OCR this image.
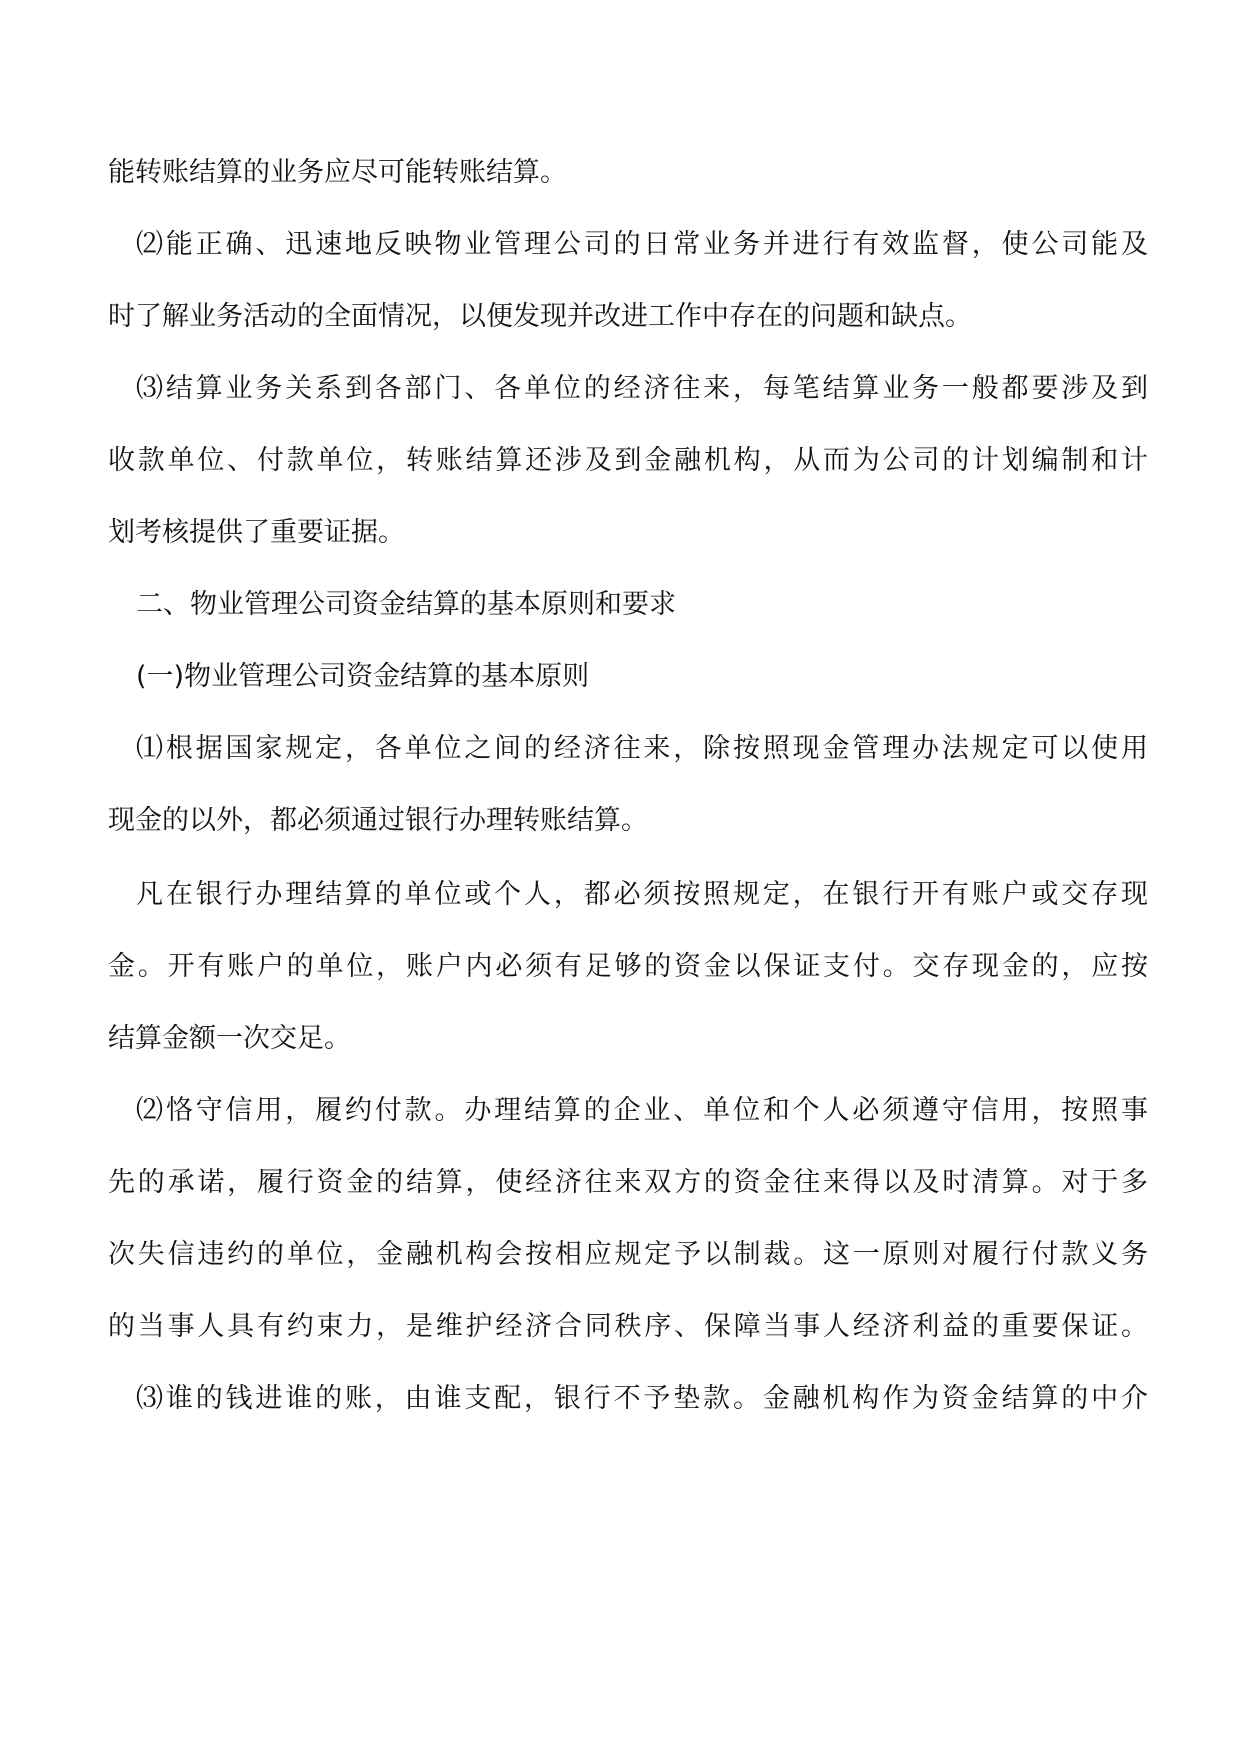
能转账结算的业务应尽可能转账结算。
⑵能正确、迅速地反映物业管理公司的日常业务并进行有效监督，使公司能及
时了解业务活动的全面情况，以便发现并改进工作中存在的问题和缺点。
⑶结算业务关系到各部门、各单位的经济往来，每笔结算业务一般都要涉及到
收款单位、付款单位，转账结算还涉及到金融机构，从而为公司的计划编制和计
划考核提供了重要证据。
二、物业管理公司资金结算的基本原则和要求
(一)物业管理公司资金结算的基本原则
⑴根据国家规定，各单位之间的经济往来，除按照现金管理办法规定可以使用
现金的以外，都必须通过银行办理转账结算。
凡在银行办理结算的单位或个人，都必须按照规定，在银行开有账户或交存现
金。开有账户的单位，账户内必须有足够的资金以保证支付。交存现金的，应按
结算金额一次交足。
⑵恪守信用，履约付款。办理结算的企业、单位和个人必须遵守信用，按照事
先的承诺，履行资金的结算，使经济往来双方的资金往来得以及时清算。对于多
次失信违约的单位，金融机构会按相应规定予以制裁。这一原则对履行付款义务
的当事人具有约束力，是维护经济合同秩序、保障当事人经济利益的重要保证。
⑶谁的钱进谁的账，由谁支配，银行不予垫款。金融机构作为资金结算的中介
